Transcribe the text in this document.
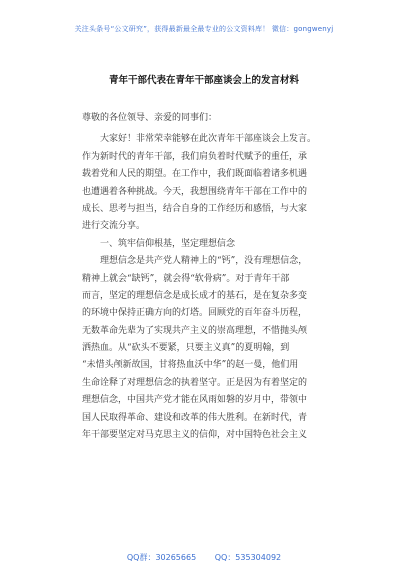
关注头条号“公文研究”，获得最新最全最专业的公文资料库！ 微信：gongwenyj
青年干部代表在青年干部座谈会上的发言材料
尊敬的各位领导、亲爱的同事们：
大家好！非常荣幸能够在此次青年干部座谈会上发言。
作为新时代的青年干部，我们肩负着时代赋予的重任，承
载着党和人民的期望。在工作中，我们既面临着诸多机遇
也遭遇着各种挑战。今天，我想围绕青年干部在工作中的
成长、思考与担当，结合自身的工作经历和感悟，与大家
进行交流分享。
一、筑牢信仰根基，坚定理想信念
理想信念是共产党人精神上的“钙”，没有理想信念，
精神上就会“缺钙”，就会得“软骨病”。对于青年干部
而言，坚定的理想信念是成长成才的基石，是在复杂多变
的环境中保持正确方向的灯塔。回顾党的百年奋斗历程，
无数革命先辈为了实现共产主义的崇高理想，不惜抛头颅
洒热血。从“砍头不要紧，只要主义真”的夏明翰，到
“未惜头颅新故国，甘将热血沃中华”的赵一曼，他们用
生命诠释了对理想信念的执着坚守。正是因为有着坚定的
理想信念，中国共产党才能在风雨如磐的岁月中，带领中
国人民取得革命、建设和改革的伟大胜利。在新时代，青
年干部要坚定对马克思主义的信仰，对中国特色社会主义
QQ群：30265665 QQ：535304092
